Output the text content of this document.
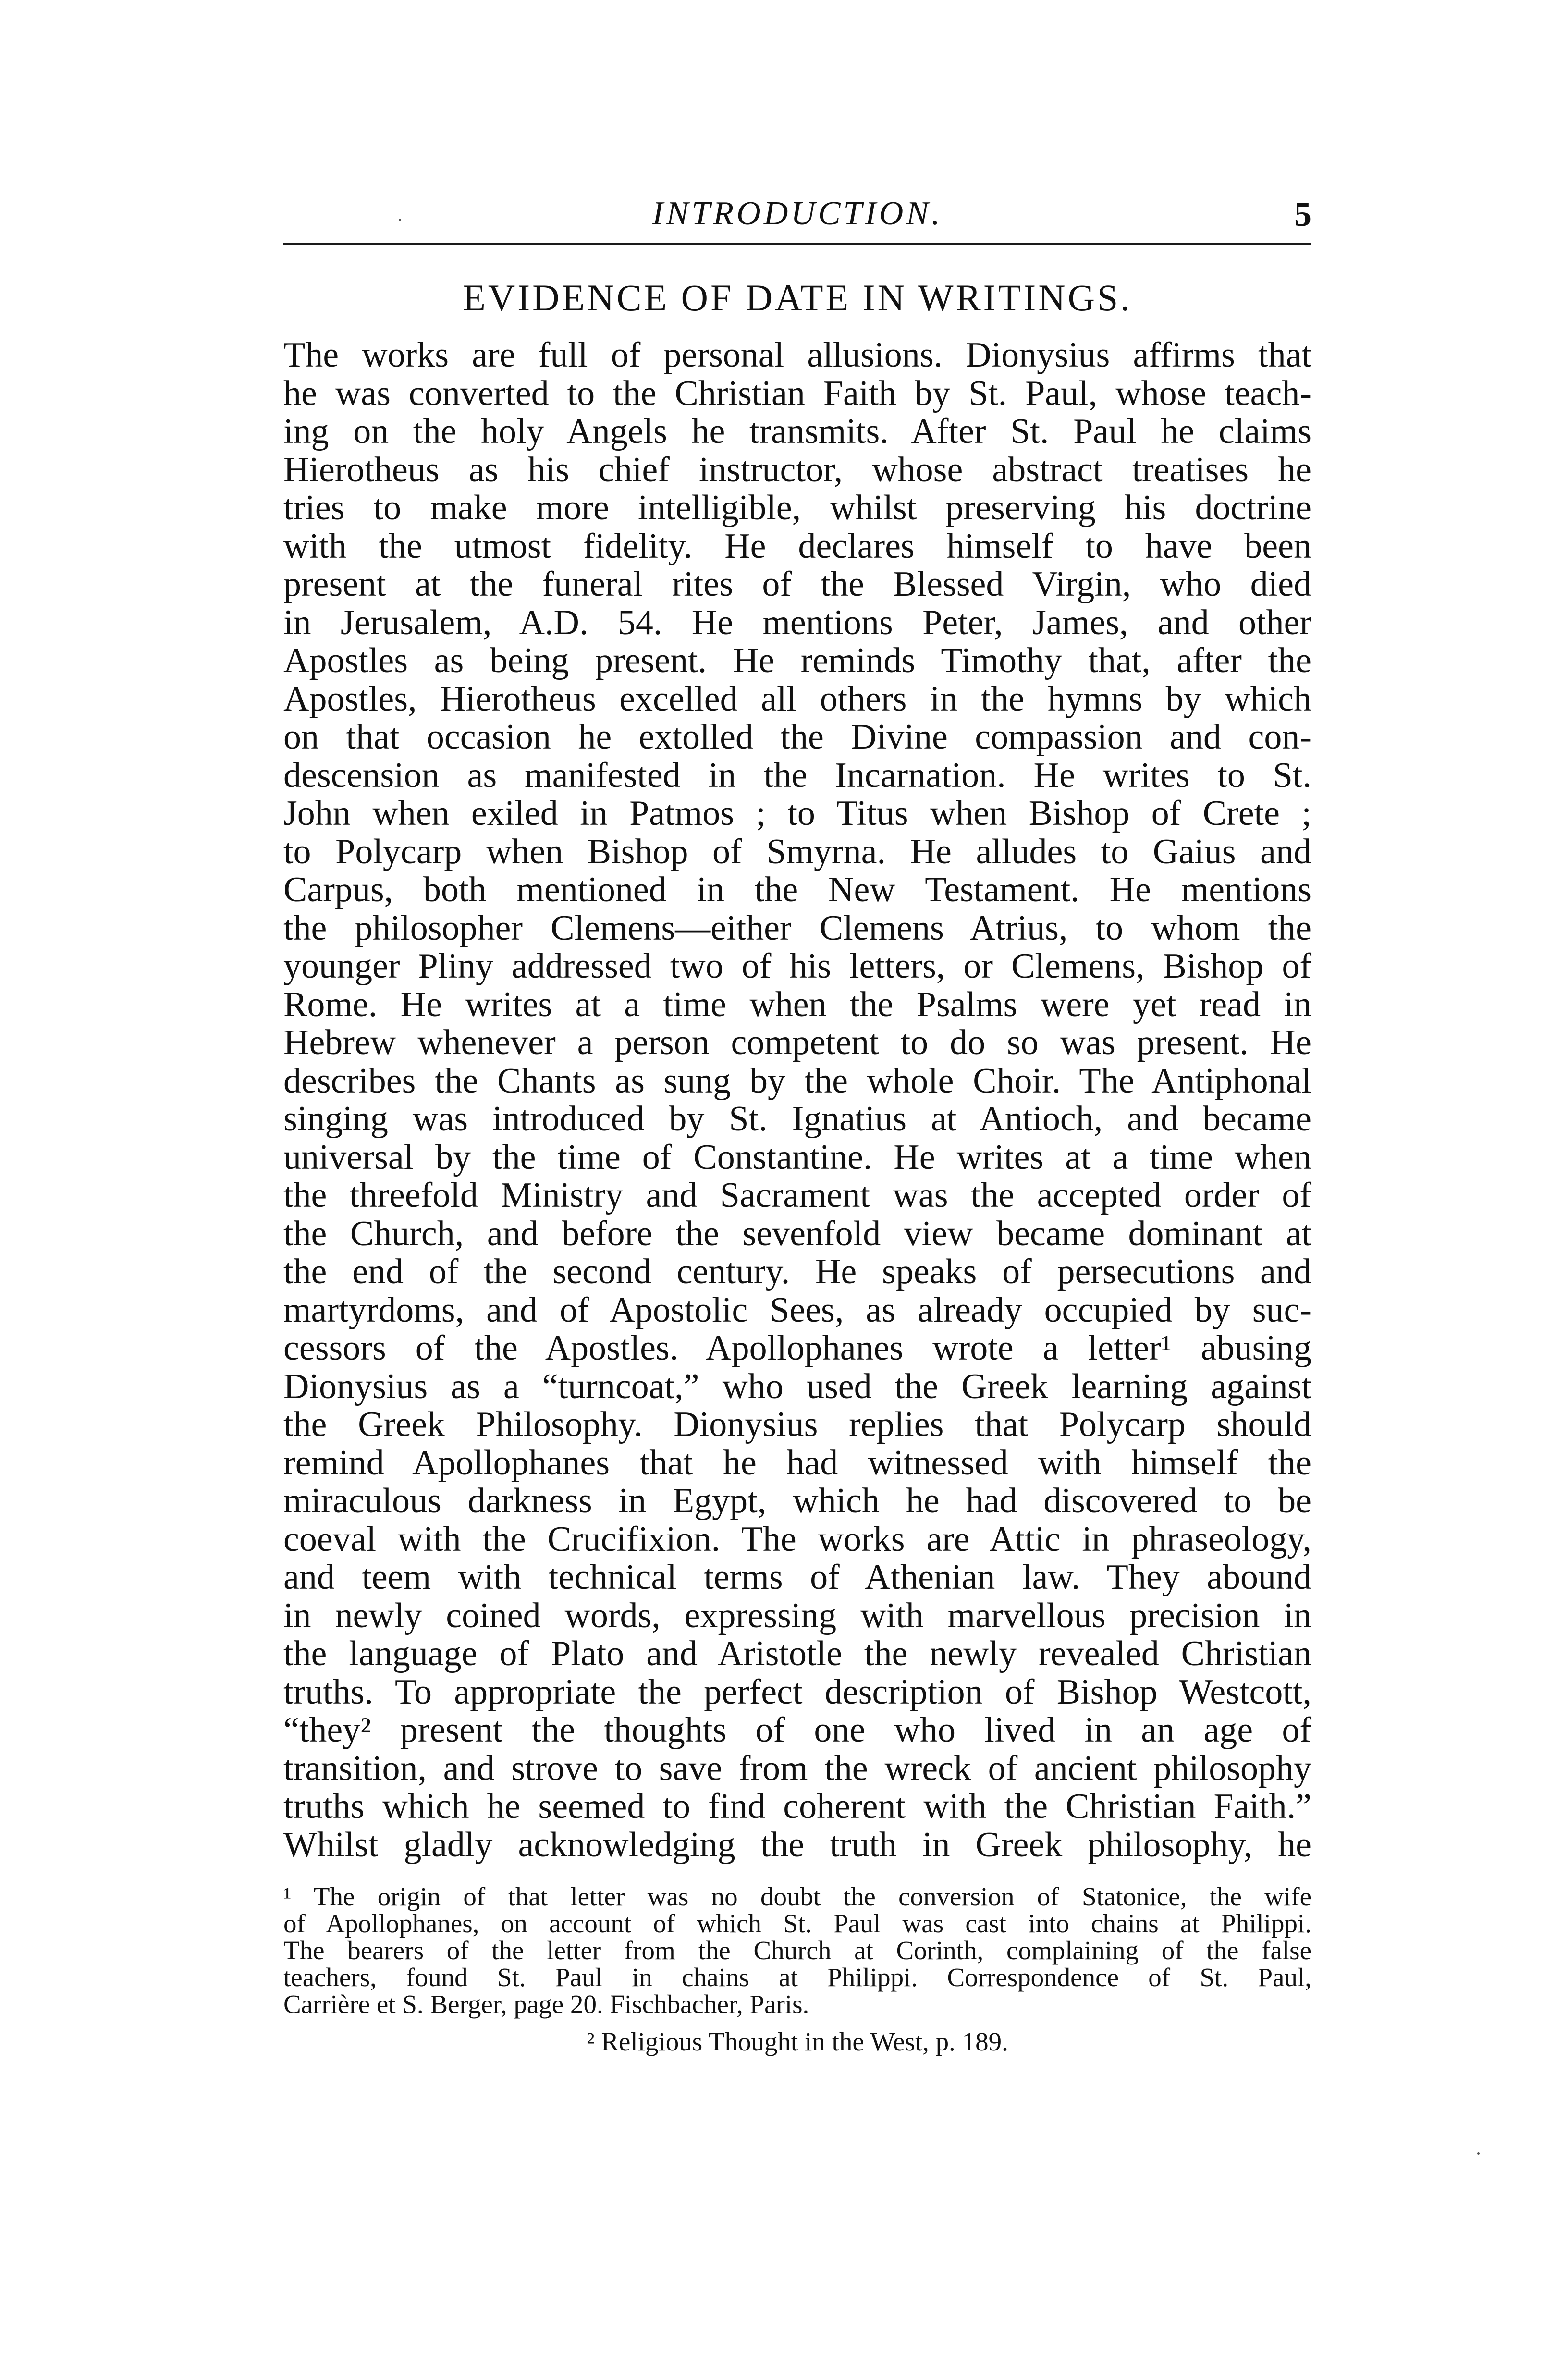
INTRODUCTION.	5
EVIDENCE OF DATE IN WRITINGS.

The works are full of personal allusions. Dionysius affirms that
he was converted to the Christian Faith by St. Paul, whose teach-
ing on the holy Angels he transmits. After St. Paul he claims
Hierotheus as his chief instructor, whose abstract treatises he
tries to make more intelligible, whilst preserving his doctrine
with the utmost fidelity. He declares himself to have been
present at the funeral rites of the Blessed Virgin, who died
in Jerusalem, A.D. 54. He mentions Peter, James, and other
Apostles as being present. He reminds Timothy that, after the
Apostles, Hierotheus excelled all others in the hymns by which
on that occasion he extolled the Divine compassion and con-
descension as manifested in the Incarnation. He writes to St.
John when exiled in Patmos ; to Titus when Bishop of Crete ;
to Polycarp when Bishop of Smyrna. He alludes to Gaius and
Carpus, both mentioned in the New Testament. He mentions
the philosopher Clemens—either Clemens Atrius, to whom the
younger Pliny addressed two of his letters, or Clemens, Bishop of
Rome. He writes at a time when the Psalms were yet read in
Hebrew whenever a person competent to do so was present. He
describes the Chants as sung by the whole Choir. The Antiphonal
singing was introduced by St. Ignatius at Antioch, and became
universal by the time of Constantine. He writes at a time when
the threefold Ministry and Sacrament was the accepted order of
the Church, and before the sevenfold view became dominant at
the end of the second century. He speaks of persecutions and
martyrdoms, and of Apostolic Sees, as already occupied by suc-
cessors of the Apostles. Apollophanes wrote a letter¹ abusing
Dionysius as a “turncoat,” who used the Greek learning against
the Greek Philosophy. Dionysius replies that Polycarp should
remind Apollophanes that he had witnessed with himself the
miraculous darkness in Egypt, which he had discovered to be
coeval with the Crucifixion. The works are Attic in phraseology,
and teem with technical terms of Athenian law. They abound
in newly coined words, expressing with marvellous precision in
the language of Plato and Aristotle the newly revealed Christian
truths. To appropriate the perfect description of Bishop Westcott,
“they² present the thoughts of one who lived in an age of
transition, and strove to save from the wreck of ancient philosophy
truths which he seemed to find coherent with the Christian Faith.”
Whilst gladly acknowledging the truth in Greek philosophy, he

¹ The origin of that letter was no doubt the conversion of Statonice, the wife
of Apollophanes, on account of which St. Paul was cast into chains at Philippi.
The bearers of the letter from the Church at Corinth, complaining of the false
teachers, found St. Paul in chains at Philippi. Correspondence of St. Paul,
Carrière et S. Berger, page 20. Fischbacher, Paris.
² Religious Thought in the West, p. 189.
